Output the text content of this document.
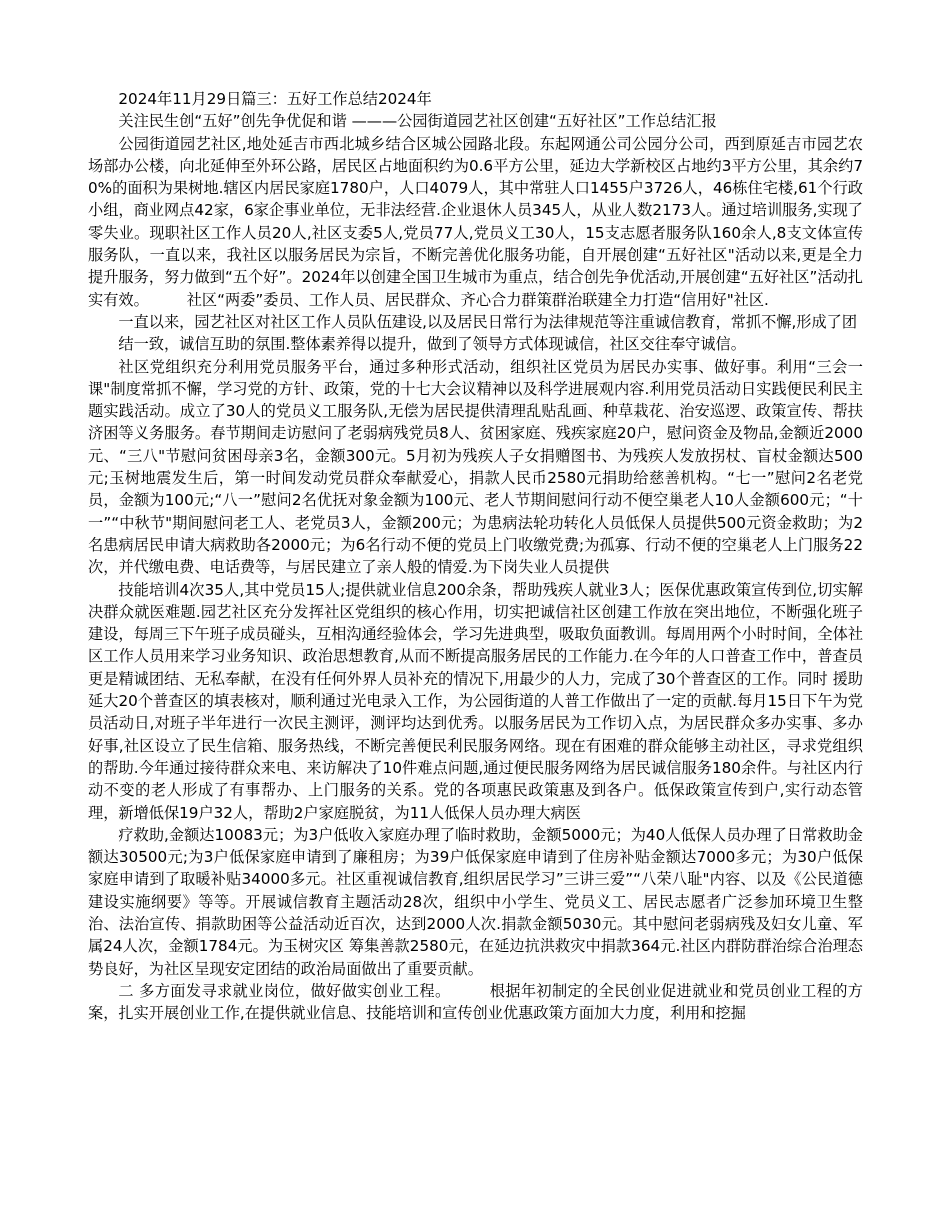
2024年11月29日篇三：五好工作总结2024年

关注民生创“五好”创先争优促和谐 ———公园街道园艺社区创建“五好社区”工作总结汇报

公园街道园艺社区,地处延吉市西北城乡结合区城公园路北段。东起网通公司公园分公司，西到原延吉市园艺农场部办公楼，向北延伸至外环公路，居民区占地面积约为0.6平方公里，延边大学新校区占地约3平方公里，其余约70%的面积为果树地.辖区内居民家庭1780户，人口4079人，其中常驻人口1455户3726人，46栋住宅楼,61个行政小组，商业网点42家，6家企事业单位，无非法经营.企业退休人员345人，从业人数2173人。通过培训服务,实现了零失业。现职社区工作人员20人,社区支委5人,党员77人,党员义工30人，15支志愿者服务队160余人,8支文体宣传服务队，一直以来，我社区以服务居民为宗旨，不断完善优化服务功能，自开展创建“五好社区"活动以来,更是全力提升服务，努力做到“五个好”。2024年以创建全国卫生城市为重点，结合创先争优活动,开展创建“五好社区”活动扎实有效。　　　社区“两委”委员、工作人员、居民群众、齐心合力群策群治联建全力打造“信用好"社区.

一直以来，园艺社区对社区工作人员队伍建设,以及居民日常行为法律规范等注重诚信教育，常抓不懈,形成了团

结一致，诚信互助的氛围.整体素养得以提升，做到了领导方式体现诚信，社区交往奉守诚信。

社区党组织充分利用党员服务平台，通过多种形式活动，组织社区党员为居民办实事、做好事。利用“三会一课"制度常抓不懈，学习党的方针、政策，党的十七大会议精神以及科学进展观内容.利用党员活动日实践便民利民主题实践活动。成立了30人的党员义工服务队,无偿为居民提供清理乱贴乱画、种草栽花、治安巡逻、政策宣传、帮扶济困等义务服务。春节期间走访慰问了老弱病残党员8人、贫困家庭、残疾家庭20户，慰问资金及物品,金额近2000元、“三八"节慰问贫困母亲3名，金额300元。5月初为残疾人子女捐赠图书、为残疾人发放拐杖、盲杖金额达500元;玉树地震发生后，第一时间发动党员群众奉献爱心，捐款人民币2580元捐助给慈善机构。“七一”慰问2名老党员，金额为100元;“八一”慰问2名优抚对象金额为100元、老人节期间慰问行动不便空巢老人10人金额600元；“十一”“中秋节"期间慰问老工人、老党员3人，金额200元；为患病法轮功转化人员低保人员提供500元资金救助；为2名患病居民申请大病救助各2000元；为6名行动不便的党员上门收缴党费;为孤寡、行动不便的空巢老人上门服务22次，并代缴电费、电话费等，与居民建立了亲人般的情爱.为下岗失业人员提供

技能培训4次35人,其中党员15人;提供就业信息200余条，帮助残疾人就业3人；医保优惠政策宣传到位,切实解决群众就医难题.园艺社区充分发挥社区党组织的核心作用，切实把诚信社区创建工作放在突出地位，不断强化班子建设，每周三下午班子成员碰头，互相沟通经验体会，学习先进典型，吸取负面教训。每周用两个小时时间，全体社区工作人员用来学习业务知识、政治思想教育,从而不断提高服务居民的工作能力.在今年的人口普查工作中，普查员更是精诚团结、无私奉献，在没有任何外界人员补充的情况下,用最少的人力，完成了30个普查区的工作。同时 援助延大20个普查区的填表核对，顺利通过光电录入工作，为公园街道的人普工作做出了一定的贡献.每月15日下午为党员活动日,对班子半年进行一次民主测评，测评均达到优秀。以服务居民为工作切入点，为居民群众多办实事、多办好事,社区设立了民生信箱、服务热线，不断完善便民利民服务网络。现在有困难的群众能够主动社区，寻求党组织的帮助.今年通过接待群众来电、来访解决了10件难点问题,通过便民服务网络为居民诚信服务180余件。与社区内行动不变的老人形成了有事帮办、上门服务的关系。党的各项惠民政策惠及到各户。低保政策宣传到户,实行动态管理，新增低保19户32人，帮助2户家庭脱贫，为11人低保人员办理大病医

疗救助,金额达10083元；为3户低收入家庭办理了临时救助，金额5000元；为40人低保人员办理了日常救助金额达30500元;为3户低保家庭申请到了廉租房；为39户低保家庭申请到了住房补贴金额达7000多元；为30户低保家庭申请到了取暖补贴34000多元。社区重视诚信教育,组织居民学习”三讲三爱”“八荣八耻"内容、以及《公民道德建设实施纲要》等等。开展诚信教育主题活动28次，组织中小学生、党员义工、居民志愿者广泛参加环境卫生整治、法治宣传、捐款助困等公益活动近百次，达到2000人次.捐款金额5030元。其中慰问老弱病残及妇女儿童、军属24人次，金额1784元。为玉树灾区 筹集善款2580元，在延边抗洪救灾中捐款364元.社区内群防群治综合治理态势良好，为社区呈现安定团结的政治局面做出了重要贡献。

二 多方面发寻求就业岗位，做好做实创业工程。　　　根据年初制定的全民创业促进就业和党员创业工程的方案，扎实开展创业工作,在提供就业信息、技能培训和宣传创业优惠政策方面加大力度，利用和挖掘
